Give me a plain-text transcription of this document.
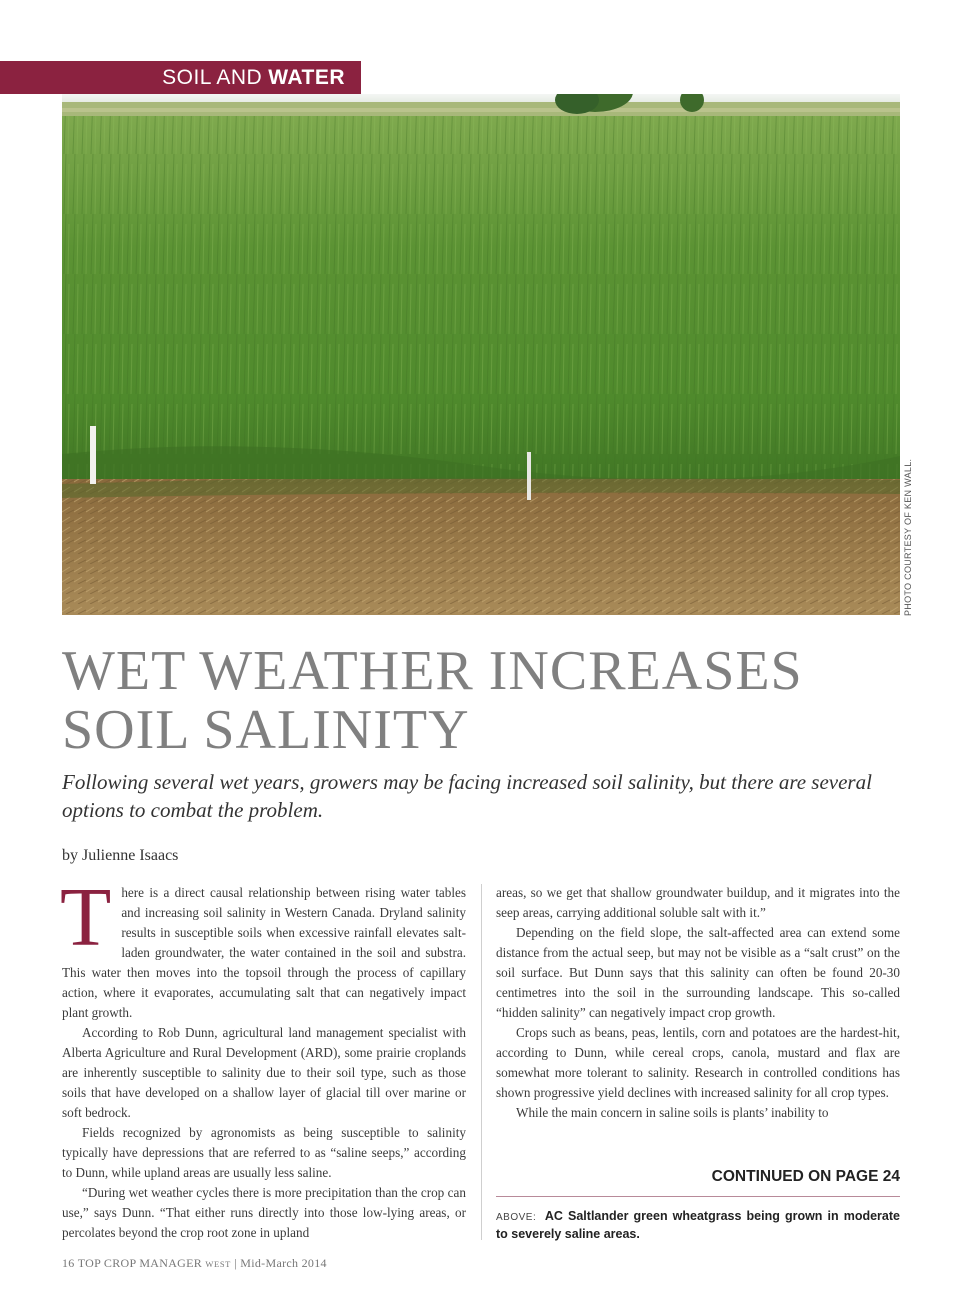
SOIL AND WATER
PHOTO COURTESY OF KEN WALL.
WET WEATHER INCREASES
SOIL SALINITY

Following several wet years, growers may be facing increased soil salinity, but there are several options to combat the problem.

by Julienne Isaacs

There is a direct causal relationship between rising water tables and increasing soil salinity in Western Canada. Dryland salinity results in susceptible soils when excessive rainfall elevates salt-laden groundwater, the water contained in the soil and substra. This water then moves into the topsoil through the process of capillary action, where it evaporates, accumulating salt that can negatively impact plant growth.

According to Rob Dunn, agricultural land management specialist with Alberta Agriculture and Rural Development (ARD), some prairie croplands are inherently susceptible to salinity due to their soil type, such as those soils that have developed on a shallow layer of glacial till over marine or soft bedrock.

Fields recognized by agronomists as being susceptible to salinity typically have depressions that are referred to as “saline seeps,” according to Dunn, while upland areas are usually less saline.

“During wet weather cycles there is more precipitation than the crop can use,” says Dunn. “That either runs directly into those low-lying areas, or percolates beyond the crop root zone in upland

areas, so we get that shallow groundwater buildup, and it migrates into the seep areas, carrying additional soluble salt with it.”

Depending on the field slope, the salt-affected area can extend some distance from the actual seep, but may not be visible as a “salt crust” on the soil surface. But Dunn says that this salinity can often be found 20-30 centimetres into the soil in the surrounding landscape. This so-called “hidden salinity” can negatively impact crop growth.

Crops such as beans, peas, lentils, corn and potatoes are the hardest-hit, according to Dunn, while cereal crops, canola, mustard and flax are somewhat more tolerant to salinity. Research in controlled conditions has shown progressive yield declines with increased salinity for all crop types.

While the main concern in saline soils is plants’ inability to

CONTINUED ON PAGE 24
ABOVE: AC Saltlander green wheatgrass being grown in moderate to severely saline areas.
16 TOP CROP MANAGER WEST | Mid-March 2014
